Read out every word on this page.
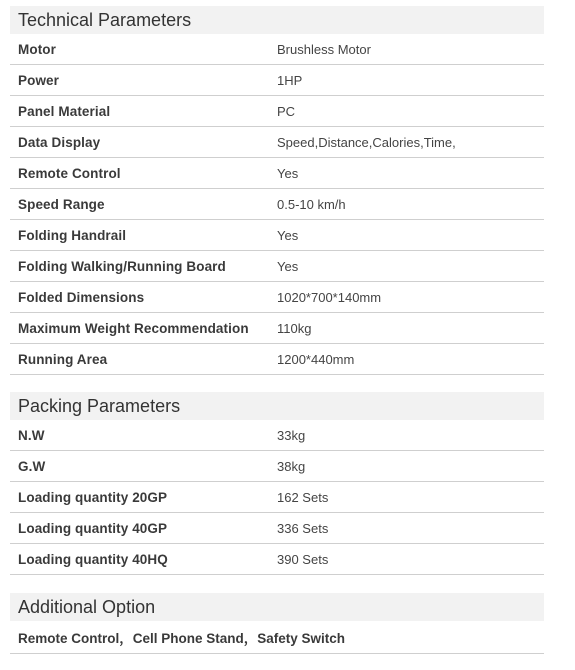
Technical Parameters
Motor	Brushless Motor
Power	1HP
Panel Material	PC
Data Display	Speed,Distance,Calories,Time,
Remote Control	Yes
Speed Range	0.5-10 km/h
Folding Handrail	Yes
Folding Walking/Running Board	Yes
Folded Dimensions	1020*700*140mm
Maximum Weight Recommendation	110kg
Running Area	1200*440mm
Packing Parameters
N.W	33kg
G.W	38kg
Loading quantity 20GP	162 Sets
Loading quantity 40GP	336 Sets
Loading quantity 40HQ	390 Sets
Additional Option
Remote Control，Cell Phone Stand，Safety Switch
